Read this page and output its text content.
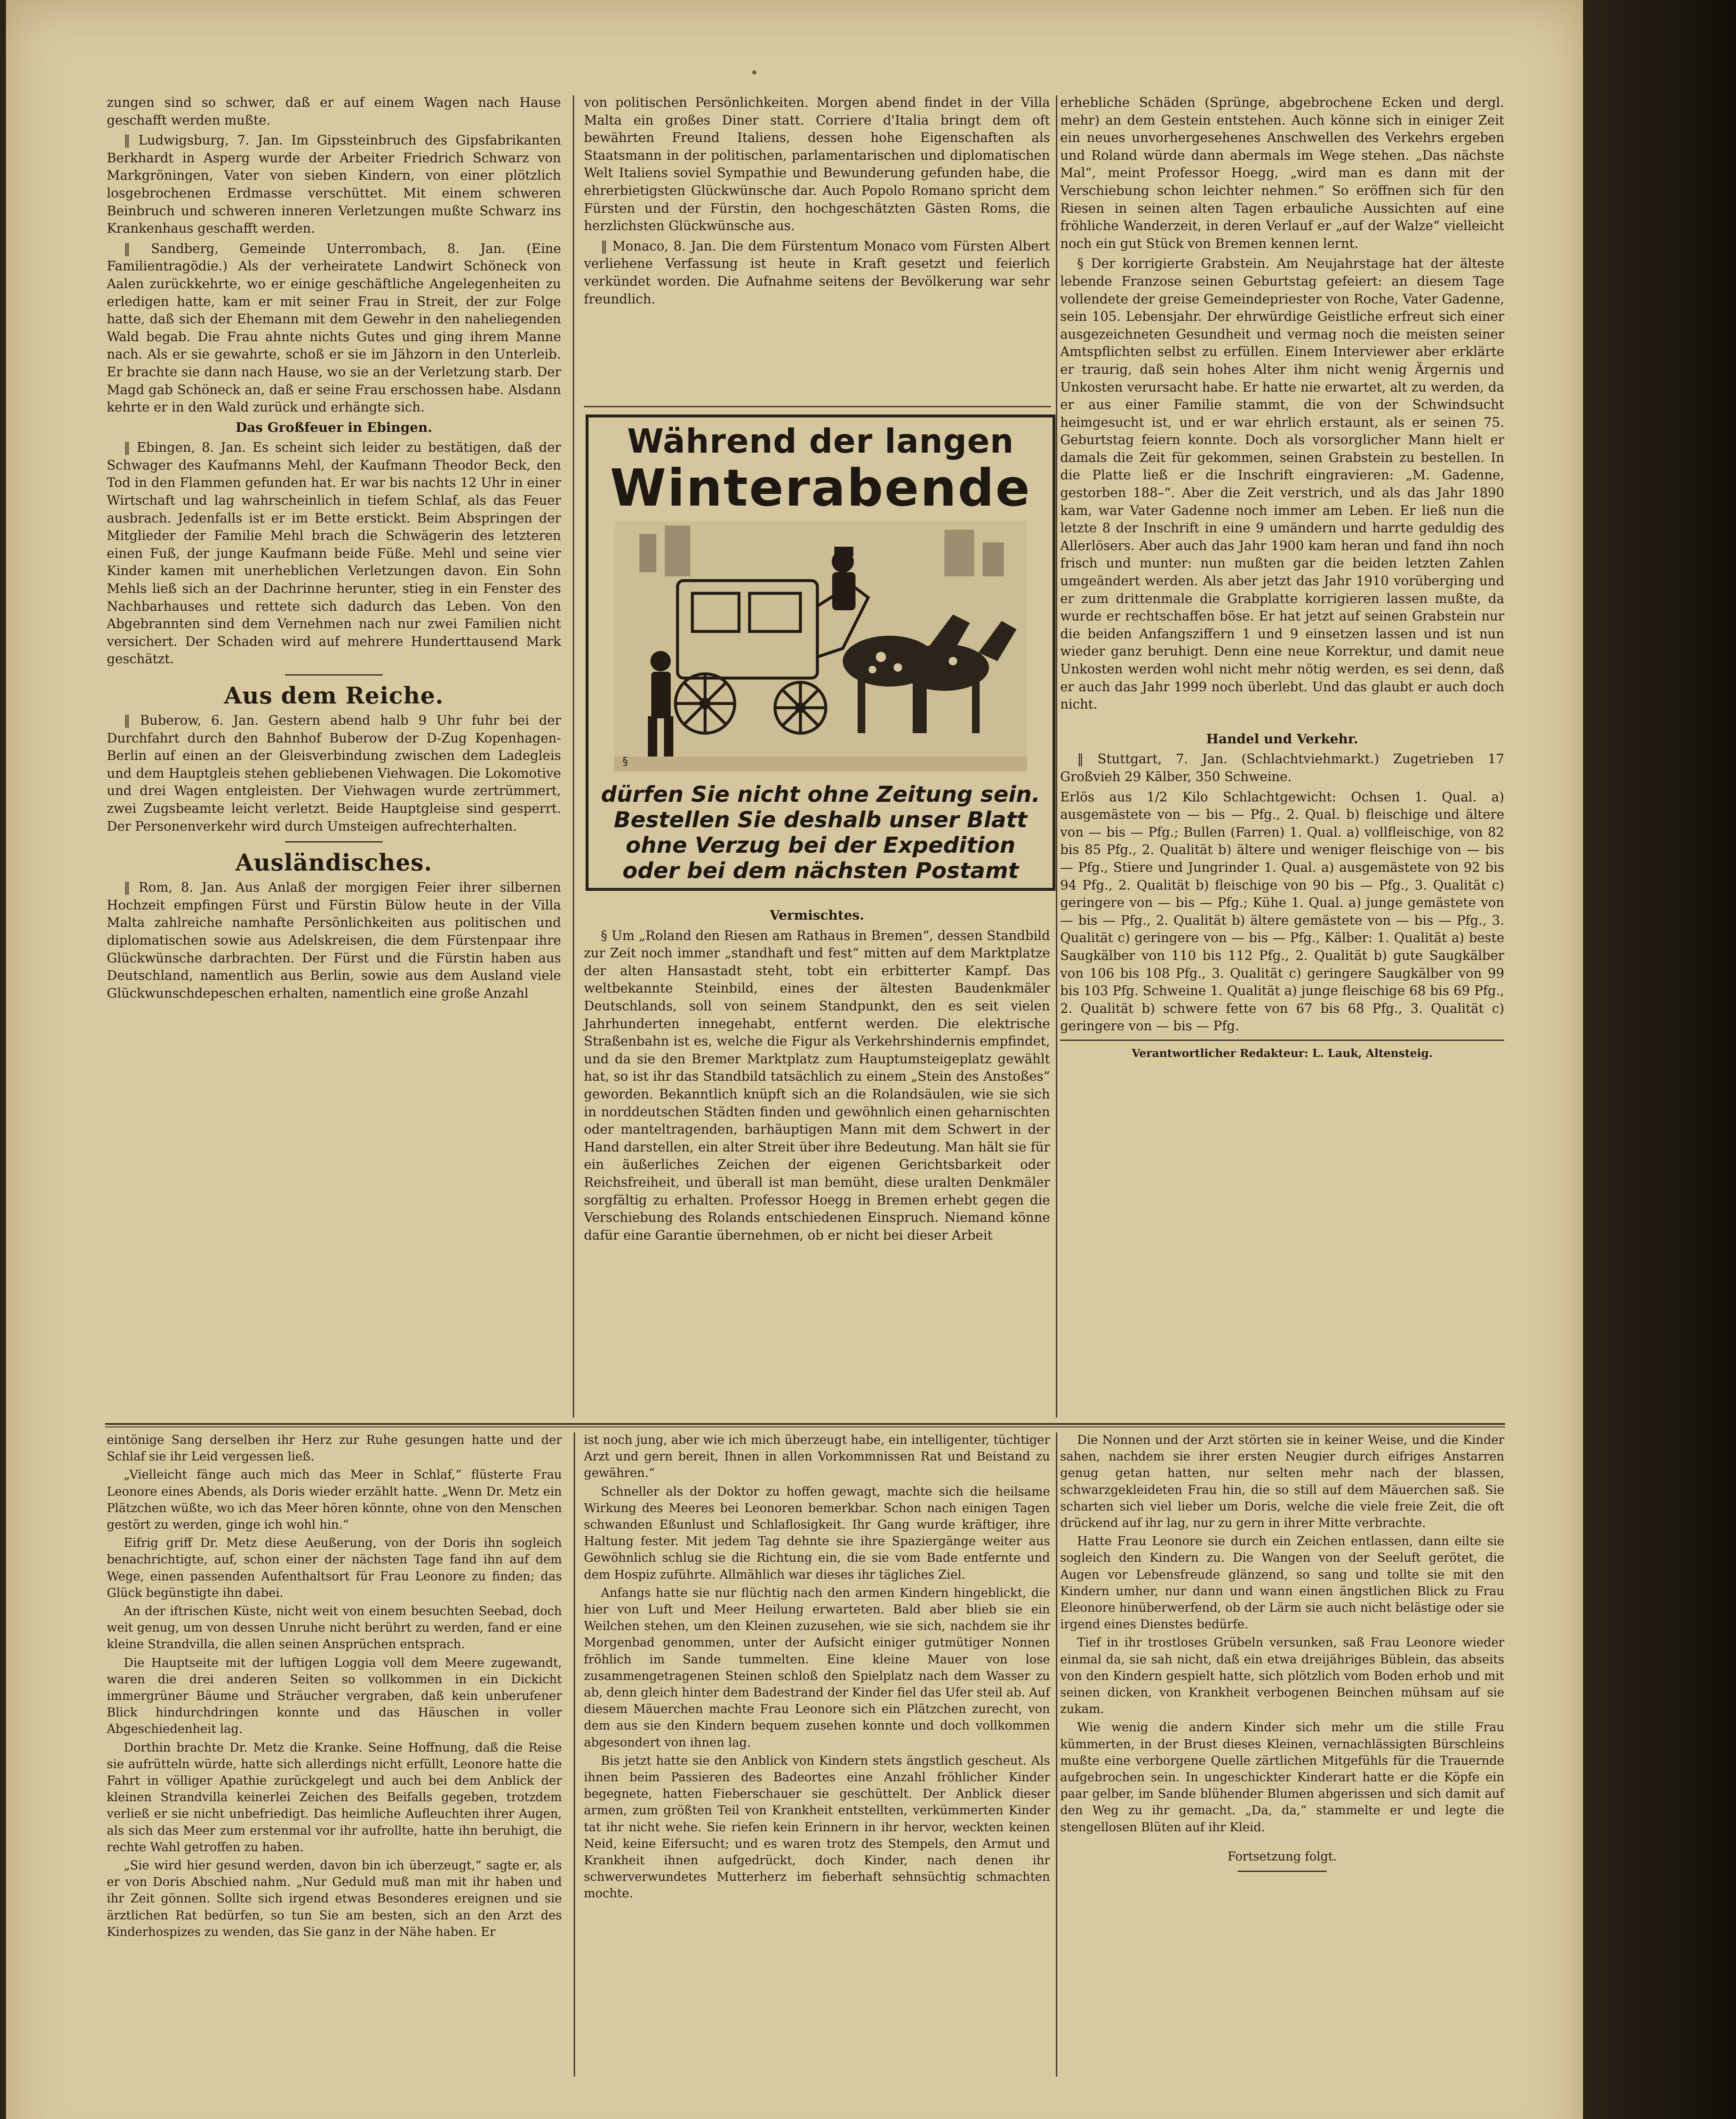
zungen sind so schwer, daß er auf einem Wagen nach Hause geschafft werden mußte.

‖ Ludwigsburg, 7. Jan. Im Gipssteinbruch des Gipsfabrikanten Berkhardt in Asperg wurde der Arbeiter Friedrich Schwarz von Markgröningen, Vater von sieben Kindern, von einer plötzlich losgebrochenen Erdmasse verschüttet. Mit einem schweren Beinbruch und schweren inneren Verletzungen mußte Schwarz ins Krankenhaus geschafft werden.

‖ Sandberg, Gemeinde Unterrombach, 8. Jan. (Eine Familientragödie.) Als der verheiratete Landwirt Schöneck von Aalen zurückkehrte, wo er einige geschäftliche Angelegenheiten zu erledigen hatte, kam er mit seiner Frau in Streit, der zur Folge hatte, daß sich der Ehemann mit dem Gewehr in den naheliegenden Wald begab. Die Frau ahnte nichts Gutes und ging ihrem Manne nach. Als er sie gewahrte, schoß er sie im Jähzorn in den Unterleib. Er brachte sie dann nach Hause, wo sie an der Verletzung starb. Der Magd gab Schöneck an, daß er seine Frau erschossen habe. Alsdann kehrte er in den Wald zurück und erhängte sich.

Das Großfeuer in Ebingen.

‖ Ebingen, 8. Jan. Es scheint sich leider zu bestätigen, daß der Schwager des Kaufmanns Mehl, der Kaufmann Theodor Beck, den Tod in den Flammen gefunden hat. Er war bis nachts 12 Uhr in einer Wirtschaft und lag wahrscheinlich in tiefem Schlaf, als das Feuer ausbrach. Jedenfalls ist er im Bette erstickt. Beim Abspringen der Mitglieder der Familie Mehl brach die Schwägerin des letzteren einen Fuß, der junge Kaufmann beide Füße. Mehl und seine vier Kinder kamen mit unerheblichen Verletzungen davon. Ein Sohn Mehls ließ sich an der Dachrinne herunter, stieg in ein Fenster des Nachbarhauses und rettete sich dadurch das Leben. Von den Abgebrannten sind dem Vernehmen nach nur zwei Familien nicht versichert. Der Schaden wird auf mehrere Hunderttausend Mark geschätzt.

Aus dem Reiche.

‖ Buberow, 6. Jan. Gestern abend halb 9 Uhr fuhr bei der Durchfahrt durch den Bahnhof Buberow der D-Zug Kopenhagen-Berlin auf einen an der Gleisverbindung zwischen dem Ladegleis und dem Hauptgleis stehen gebliebenen Viehwagen. Die Lokomotive und drei Wagen entgleisten. Der Viehwagen wurde zertrümmert, zwei Zugsbeamte leicht verletzt. Beide Hauptgleise sind gesperrt. Der Personenverkehr wird durch Umsteigen aufrechterhalten.

Ausländisches.

‖ Rom, 8. Jan. Aus Anlaß der morgigen Feier ihrer silbernen Hochzeit empfingen Fürst und Fürstin Bülow heute in der Villa Malta zahlreiche namhafte Persönlichkeiten aus politischen und diplomatischen sowie aus Adelskreisen, die dem Fürstenpaar ihre Glückwünsche darbrachten. Der Fürst und die Fürstin haben aus Deutschland, namentlich aus Berlin, sowie aus dem Ausland viele Glückwunschdepeschen erhalten, namentlich eine große Anzahl

von politischen Persönlichkeiten. Morgen abend findet in der Villa Malta ein großes Diner statt. Corriere d'Italia bringt dem oft bewährten Freund Italiens, dessen hohe Eigenschaften als Staatsmann in der politischen, parlamentarischen und diplomatischen Welt Italiens soviel Sympathie und Bewunderung gefunden habe, die ehrerbietigsten Glückwünsche dar. Auch Popolo Romano spricht dem Fürsten und der Fürstin, den hochgeschätzten Gästen Roms, die herzlichsten Glückwünsche aus.

‖ Monaco, 8. Jan. Die dem Fürstentum Monaco vom Fürsten Albert verliehene Verfassung ist heute in Kraft gesetzt und feierlich verkündet worden. Die Aufnahme seitens der Bevölkerung war sehr freundlich.

Während der langen
Winterabende
§
dürfen Sie nicht ohne Zeitung sein.
Bestellen Sie deshalb unser Blatt
ohne Verzug bei der Expedition
oder bei dem nächsten Postamt

Vermischtes.

§ Um „Roland den Riesen am Rathaus in Bremen“, dessen Standbild zur Zeit noch immer „standhaft und fest“ mitten auf dem Marktplatze der alten Hansastadt steht, tobt ein erbitterter Kampf. Das weltbekannte Steinbild, eines der ältesten Baudenkmäler Deutschlands, soll von seinem Standpunkt, den es seit vielen Jahrhunderten innegehabt, entfernt werden. Die elektrische Straßenbahn ist es, welche die Figur als Verkehrshindernis empfindet, und da sie den Bremer Marktplatz zum Hauptumsteigeplatz gewählt hat, so ist ihr das Standbild tatsächlich zu einem „Stein des Anstoßes“ geworden. Bekanntlich knüpft sich an die Rolandsäulen, wie sie sich in norddeutschen Städten finden und gewöhnlich einen geharnischten oder manteltragenden, barhäuptigen Mann mit dem Schwert in der Hand darstellen, ein alter Streit über ihre Bedeutung. Man hält sie für ein äußerliches Zeichen der eigenen Gerichtsbarkeit oder Reichsfreiheit, und überall ist man bemüht, diese uralten Denkmäler sorgfältig zu erhalten. Professor Hoegg in Bremen erhebt gegen die Verschiebung des Rolands entschiedenen Einspruch. Niemand könne dafür eine Garantie übernehmen, ob er nicht bei dieser Arbeit

erhebliche Schäden (Sprünge, abgebrochene Ecken und dergl. mehr) an dem Gestein entstehen. Auch könne sich in einiger Zeit ein neues unvorhergesehenes Anschwellen des Verkehrs ergeben und Roland würde dann abermals im Wege stehen. „Das nächste Mal“, meint Professor Hoegg, „wird man es dann mit der Verschiebung schon leichter nehmen.“ So eröffnen sich für den Riesen in seinen alten Tagen erbauliche Aussichten auf eine fröhliche Wanderzeit, in deren Verlauf er „auf der Walze“ vielleicht noch ein gut Stück von Bremen kennen lernt.

§ Der korrigierte Grabstein. Am Neujahrstage hat der älteste lebende Franzose seinen Geburtstag gefeiert: an diesem Tage vollendete der greise Gemeindepriester von Roche, Vater Gadenne, sein 105. Lebensjahr. Der ehrwürdige Geistliche erfreut sich einer ausgezeichneten Gesundheit und vermag noch die meisten seiner Amtspflichten selbst zu erfüllen. Einem Interviewer aber erklärte er traurig, daß sein hohes Alter ihm nicht wenig Ärgernis und Unkosten verursacht habe. Er hatte nie erwartet, alt zu werden, da er aus einer Familie stammt, die von der Schwindsucht heimgesucht ist, und er war ehrlich erstaunt, als er seinen 75. Geburtstag feiern konnte. Doch als vorsorglicher Mann hielt er damals die Zeit für gekommen, seinen Grabstein zu bestellen. In die Platte ließ er die Inschrift eingravieren: „M. Gadenne, gestorben 188–“. Aber die Zeit verstrich, und als das Jahr 1890 kam, war Vater Gadenne noch immer am Leben. Er ließ nun die letzte 8 der Inschrift in eine 9 umändern und harrte geduldig des Allerlösers. Aber auch das Jahr 1900 kam heran und fand ihn noch frisch und munter: nun mußten gar die beiden letzten Zahlen umgeändert werden. Als aber jetzt das Jahr 1910 vorüberging und er zum drittenmale die Grabplatte korrigieren lassen mußte, da wurde er rechtschaffen böse. Er hat jetzt auf seinen Grabstein nur die beiden Anfangsziffern 1 und 9 einsetzen lassen und ist nun wieder ganz beruhigt. Denn eine neue Korrektur, und damit neue Unkosten werden wohl nicht mehr nötig werden, es sei denn, daß er auch das Jahr 1999 noch überlebt. Und das glaubt er auch doch nicht.

Handel und Verkehr.

‖ Stuttgart, 7. Jan. (Schlachtviehmarkt.) Zugetrieben 17 Großvieh 29 Kälber, 350 Schweine.

Erlös aus 1/2 Kilo Schlachtgewicht: Ochsen 1. Qual. a) ausgemästete von — bis — Pfg., 2. Qual. b) fleischige und ältere von — bis — Pfg.; Bullen (Farren) 1. Qual. a) vollfleischige, von 82 bis 85 Pfg., 2. Qualität b) ältere und weniger fleischige von — bis — Pfg., Stiere und Jungrinder 1. Qual. a) ausgemästete von 92 bis 94 Pfg., 2. Qualität b) fleischige von 90 bis — Pfg., 3. Qualität c) geringere von — bis — Pfg.; Kühe 1. Qual. a) junge gemästete von — bis — Pfg., 2. Qualität b) ältere gemästete von — bis — Pfg., 3. Qualität c) geringere von — bis — Pfg., Kälber: 1. Qualität a) beste Saugkälber von 110 bis 112 Pfg., 2. Qualität b) gute Saugkälber von 106 bis 108 Pfg., 3. Qualität c) geringere Saugkälber von 99 bis 103 Pfg. Schweine 1. Qualität a) junge fleischige 68 bis 69 Pfg., 2. Qualität b) schwere fette von 67 bis 68 Pfg., 3. Qualität c) geringere von — bis — Pfg.

Verantwortlicher Redakteur: L. Lauk, Altensteig.

eintönige Sang derselben ihr Herz zur Ruhe gesungen hatte und der Schlaf sie ihr Leid vergessen ließ.

„Vielleicht fänge auch mich das Meer in Schlaf,“ flüsterte Frau Leonore eines Abends, als Doris wieder erzählt hatte. „Wenn Dr. Metz ein Plätzchen wüßte, wo ich das Meer hören könnte, ohne von den Menschen gestört zu werden, ginge ich wohl hin.“

Eifrig griff Dr. Metz diese Aeußerung, von der Doris ihn sogleich benachrichtigte, auf, schon einer der nächsten Tage fand ihn auf dem Wege, einen passenden Aufenthaltsort für Frau Leonore zu finden; das Glück begünstigte ihn dabei.

An der iftrischen Küste, nicht weit von einem besuchten Seebad, doch weit genug, um von dessen Unruhe nicht berührt zu werden, fand er eine kleine Strandvilla, die allen seinen Ansprüchen entsprach.

Die Hauptseite mit der luftigen Loggia voll dem Meere zugewandt, waren die drei anderen Seiten so vollkommen in ein Dickicht immergrüner Bäume und Sträucher vergraben, daß kein unberufener Blick hindurchdringen konnte und das Häuschen in voller Abgeschiedenheit lag.

Dorthin brachte Dr. Metz die Kranke. Seine Hoffnung, daß die Reise sie aufrütteln würde, hatte sich allerdings nicht erfüllt, Leonore hatte die Fahrt in völliger Apathie zurückgelegt und auch bei dem Anblick der kleinen Strandvilla keinerlei Zeichen des Beifalls gegeben, trotzdem verließ er sie nicht unbefriedigt. Das heimliche Aufleuchten ihrer Augen, als sich das Meer zum erstenmal vor ihr aufrollte, hatte ihn beruhigt, die rechte Wahl getroffen zu haben.

„Sie wird hier gesund werden, davon bin ich überzeugt,“ sagte er, als er von Doris Abschied nahm. „Nur Geduld muß man mit ihr haben und ihr Zeit gönnen. Sollte sich irgend etwas Besonderes ereignen und sie ärztlichen Rat bedürfen, so tun Sie am besten, sich an den Arzt des Kinderhospizes zu wenden, das Sie ganz in der Nähe haben. Er

ist noch jung, aber wie ich mich überzeugt habe, ein intelligenter, tüchtiger Arzt und gern bereit, Ihnen in allen Vorkommnissen Rat und Beistand zu gewähren.“

Schneller als der Doktor zu hoffen gewagt, machte sich die heilsame Wirkung des Meeres bei Leonoren bemerkbar. Schon nach einigen Tagen schwanden Eßunlust und Schlaflosigkeit. Ihr Gang wurde kräftiger, ihre Haltung fester. Mit jedem Tag dehnte sie ihre Spaziergänge weiter aus Gewöhnlich schlug sie die Richtung ein, die sie vom Bade entfernte und dem Hospiz zuführte. Allmählich war dieses ihr tägliches Ziel.

Anfangs hatte sie nur flüchtig nach den armen Kindern hingeblickt, die hier von Luft und Meer Heilung erwarteten. Bald aber blieb sie ein Weilchen stehen, um den Kleinen zuzusehen, wie sie sich, nachdem sie ihr Morgenbad genommen, unter der Aufsicht einiger gutmütiger Nonnen fröhlich im Sande tummelten. Eine kleine Mauer von lose zusammengetragenen Steinen schloß den Spielplatz nach dem Wasser zu ab, denn gleich hinter dem Badestrand der Kinder fiel das Ufer steil ab. Auf diesem Mäuerchen machte Frau Leonore sich ein Plätzchen zurecht, von dem aus sie den Kindern bequem zusehen konnte und doch vollkommen abgesondert von ihnen lag.

Bis jetzt hatte sie den Anblick von Kindern stets ängstlich gescheut. Als ihnen beim Passieren des Badeortes eine Anzahl fröhlicher Kinder begegnete, hatten Fieberschauer sie geschüttelt. Der Anblick dieser armen, zum größten Teil von Krankheit entstellten, verkümmerten Kinder tat ihr nicht wehe. Sie riefen kein Erinnern in ihr hervor, weckten keinen Neid, keine Eifersucht; und es waren trotz des Stempels, den Armut und Krankheit ihnen aufgedrückt, doch Kinder, nach denen ihr schwerverwundetes Mutterherz im fieberhaft sehnsüchtig schmachten mochte.

Die Nonnen und der Arzt störten sie in keiner Weise, und die Kinder sahen, nachdem sie ihrer ersten Neugier durch eifriges Anstarren genug getan hatten, nur selten mehr nach der blassen, schwarzgekleideten Frau hin, die so still auf dem Mäuerchen saß. Sie scharten sich viel lieber um Doris, welche die viele freie Zeit, die oft drückend auf ihr lag, nur zu gern in ihrer Mitte verbrachte.

Hatte Frau Leonore sie durch ein Zeichen entlassen, dann eilte sie sogleich den Kindern zu. Die Wangen von der Seeluft gerötet, die Augen vor Lebensfreude glänzend, so sang und tollte sie mit den Kindern umher, nur dann und wann einen ängstlichen Blick zu Frau Eleonore hinüberwerfend, ob der Lärm sie auch nicht belästige oder sie irgend eines Dienstes bedürfe.

Tief in ihr trostloses Grübeln versunken, saß Frau Leonore wieder einmal da, sie sah nicht, daß ein etwa dreijähriges Büblein, das abseits von den Kindern gespielt hatte, sich plötzlich vom Boden erhob und mit seinen dicken, von Krankheit verbogenen Beinchen mühsam auf sie zukam.

Wie wenig die andern Kinder sich mehr um die stille Frau kümmerten, in der Brust dieses Kleinen, vernachlässigten Bürschleins mußte eine verborgene Quelle zärtlichen Mitgefühls für die Trauernde aufgebrochen sein. In ungeschickter Kinderart hatte er die Köpfe ein paar gelber, im Sande blühender Blumen abgerissen und sich damit auf den Weg zu ihr gemacht. „Da, da,“ stammelte er und legte die stengellosen Blüten auf ihr Kleid.

Fortsetzung folgt.
